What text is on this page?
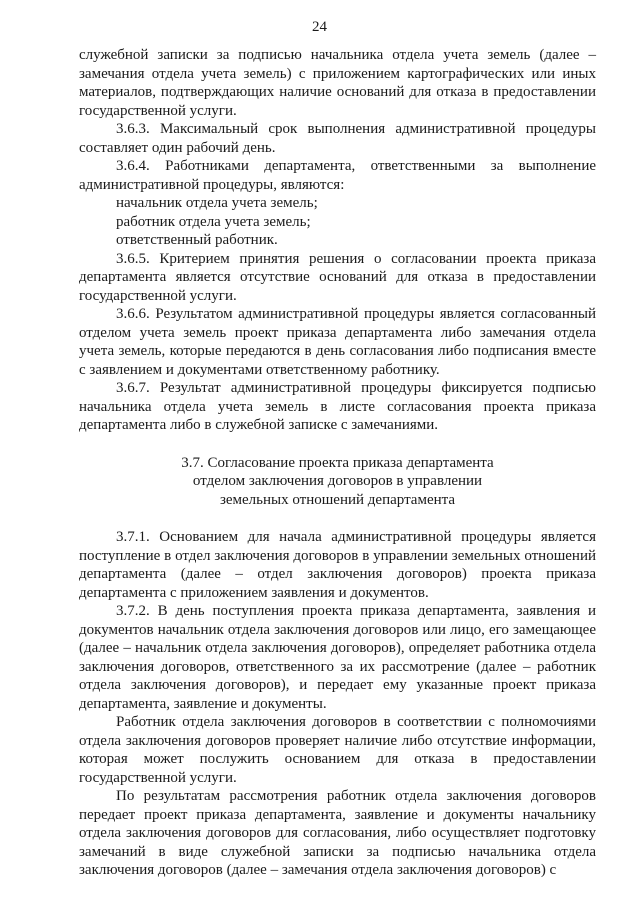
24

служебной записки за подписью начальника отдела учета земель (далее – замечания отдела учета земель) с приложением картографических или иных материалов, подтверждающих наличие оснований для отказа в предоставлении государственной услуги.

3.6.3. Максимальный срок выполнения административной процедуры составляет один рабочий день.

3.6.4. Работниками департамента, ответственными за выполнение административной процедуры, являются:

начальник отдела учета земель;

работник отдела учета земель;

ответственный работник.

3.6.5. Критерием принятия решения о согласовании проекта приказа департамента является отсутствие оснований для отказа в предоставлении государственной услуги.

3.6.6. Результатом административной процедуры является согласованный отделом учета земель проект приказа департамента либо замечания отдела учета земель, которые передаются в день согласования либо подписания вместе с заявлением и документами ответственному работнику.

3.6.7. Результат административной процедуры фиксируется подписью начальника отдела учета земель в листе согласования проекта приказа департамента либо в служебной записке с замечаниями.

3.7. Согласование проекта приказа департамента
отделом заключения договоров в управлении
земельных отношений департамента

3.7.1. Основанием для начала административной процедуры является поступление в отдел заключения договоров в управлении земельных отношений департамента (далее – отдел заключения договоров) проекта приказа департамента с приложением заявления и документов.

3.7.2. В день поступления проекта приказа департамента, заявления и документов начальник отдела заключения договоров или лицо, его замещающее (далее – начальник отдела заключения договоров), определяет работника отдела заключения договоров, ответственного за их рассмотрение (далее – работник отдела заключения договоров), и передает ему указанные проект приказа департамента, заявление и документы.

Работник отдела заключения договоров в соответствии с полномочиями отдела заключения договоров проверяет наличие либо отсутствие информации, которая может послужить основанием для отказа в предоставлении государственной услуги.

По результатам рассмотрения работник отдела заключения договоров передает проект приказа департамента, заявление и документы начальнику отдела заключения договоров для согласования, либо осуществляет подготовку замечаний в виде служебной записки за подписью начальника отдела заключения договоров (далее – замечания отдела заключения договоров) с
